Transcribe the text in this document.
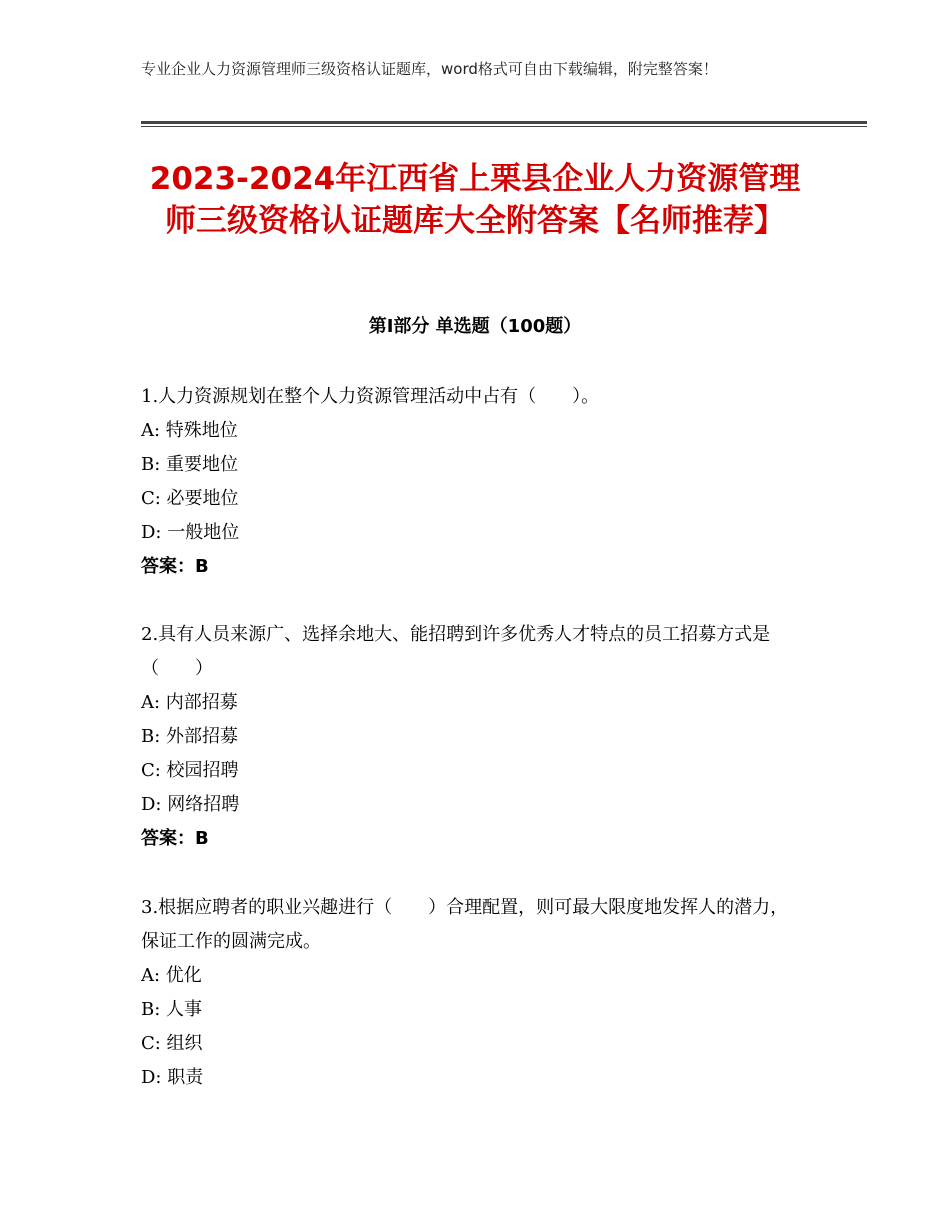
专业企业人力资源管理师三级资格认证题库，word格式可自由下载编辑，附完整答案！
2023-2024年江西省上栗县企业人力资源管理师三级资格认证题库大全附答案【名师推荐】
第I部分 单选题（100题）
1.人力资源规划在整个人力资源管理活动中占有（　　）。
A: 特殊地位
B: 重要地位
C: 必要地位
D: 一般地位
答案：B
2.具有人员来源广、选择余地大、能招聘到许多优秀人才特点的员工招募方式是（　　）
A: 内部招募
B: 外部招募
C: 校园招聘
D: 网络招聘
答案：B
3.根据应聘者的职业兴趣进行（　　）合理配置，则可最大限度地发挥人的潜力，保证工作的圆满完成。
A: 优化
B: 人事
C: 组织
D: 职责
